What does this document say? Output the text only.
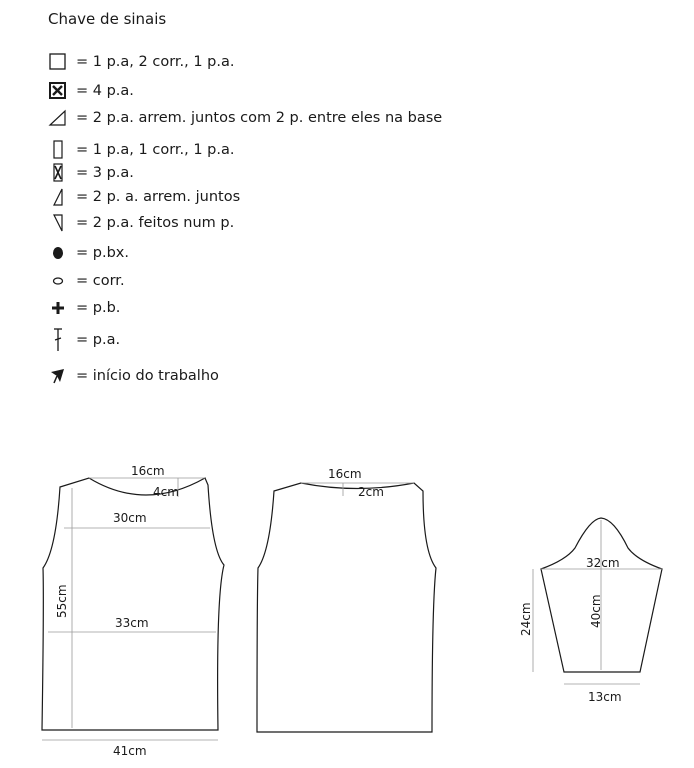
Chave de sinais
= 1 p.a, 2 corr., 1 p.a.
= 4 p.a.
= 2 p.a. arrem. juntos com 2 p. entre eles na base
= 1 p.a, 1 corr., 1 p.a.
= 3 p.a.
= 2 p. a. arrem. juntos
= 2 p.a. feitos num p.
= p.bx.
= corr.
= p.b.
= p.a.
= início do trabalho
16cm
4cm
30cm
55cm
33cm
41cm
16cm
2cm
32cm
40cm
24cm
13cm
